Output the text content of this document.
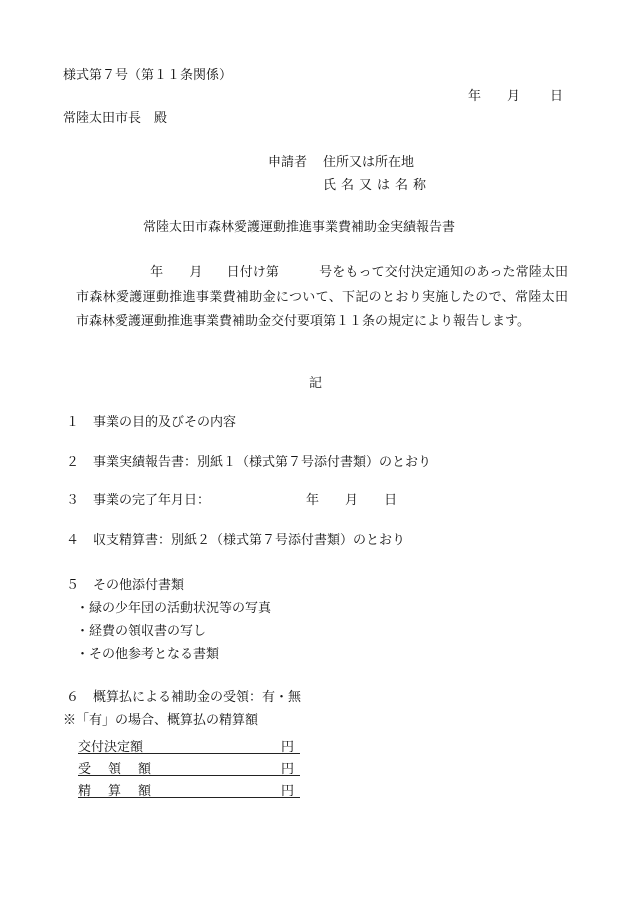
様式第７号（第１１条関係）
年 月 日
常陸太田市長　殿
申請者 住所又は所在地
氏名又は名称
常陸太田市森林愛護運動推進事業費補助金実績報告書
年 月 日付け第	号をもって交付決定通知のあった常陸太田市森林愛護運動推進事業費補助金について、下記のとおり実施したので、常陸太田市森林愛護運動推進事業費補助金交付要項第１１条の規定により報告します。
記
１ 事業の目的及びその内容
２ 事業実績報告書：別紙１（様式第７号添付書類）のとおり
３ 事業の完了年月日：	年 月 日
４ 収支精算書：別紙２（様式第７号添付書類）のとおり
５ その他添付書類
・緑の少年団の活動状況等の写真
・経費の領収書の写し
・その他参考となる書類
６ 概算払による補助金の受領：有・無
※「有」の場合、概算払の精算額
交付決定額	円
受領額	円
精算額	円
